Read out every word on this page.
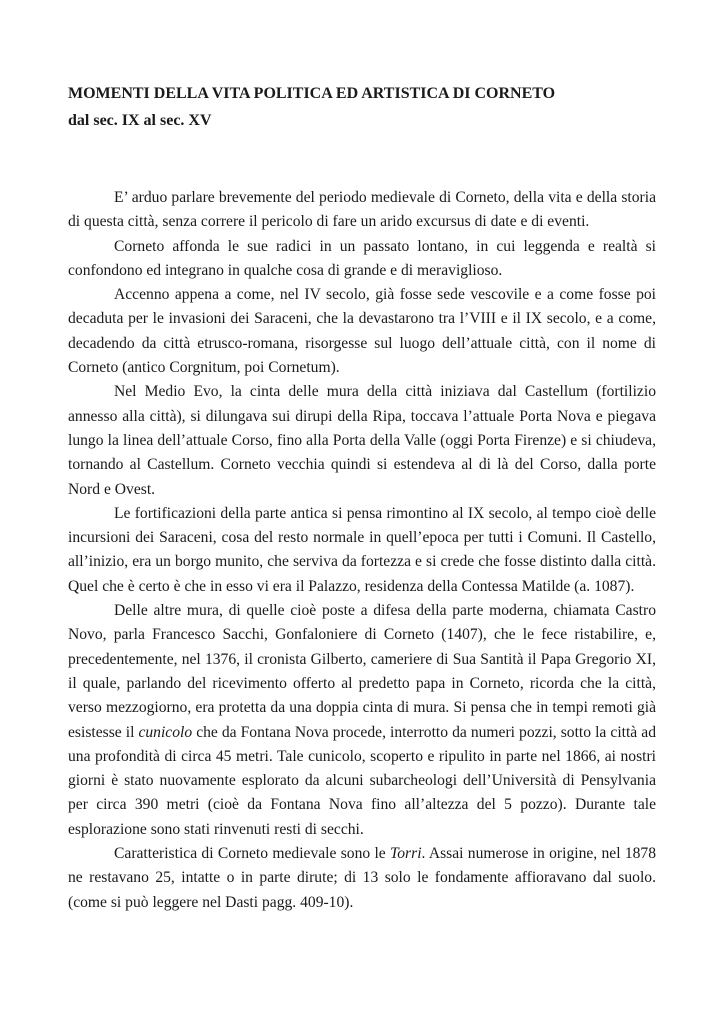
MOMENTI DELLA VITA POLITICA ED ARTISTICA DI CORNETO
dal sec. IX al sec. XV

E’ arduo parlare brevemente del periodo medievale di Corneto, della vita e della storia di questa città, senza correre il pericolo di fare un arido excursus di date e di eventi.

Corneto affonda le sue radici in un passato lontano, in cui leggenda e realtà si confondono ed integrano in qualche cosa di grande e di meraviglioso.

Accenno appena a come, nel IV secolo, già fosse sede vescovile e a come fosse poi decaduta per le invasioni dei Saraceni, che la devastarono tra l’VIII e il IX secolo, e a come, decadendo da città etrusco-romana, risorgesse sul luogo dell’attuale città, con il nome di Corneto (antico Corgnitum, poi Cornetum).

Nel Medio Evo, la cinta delle mura della città iniziava dal Castellum (fortilizio annesso alla città), si dilungava sui dirupi della Ripa, toccava l’attuale Porta Nova e piegava lungo la linea dell’attuale Corso, fino alla Porta della Valle (oggi Porta Firenze) e si chiudeva, tornando al Castellum. Corneto vecchia quindi si estendeva al di là del Corso, dalla porte Nord e Ovest.

Le fortificazioni della parte antica si pensa rimontino al IX secolo, al tempo cioè delle incursioni dei Saraceni, cosa del resto normale in quell’epoca per tutti i Comuni. Il Castello, all’inizio, era un borgo munito, che serviva da fortezza e si crede che fosse distinto dalla città. Quel che è certo è che in esso vi era il Palazzo, residenza della Contessa Matilde (a. 1087).

Delle altre mura, di quelle cioè poste a difesa della parte moderna, chiamata Castro Novo, parla Francesco Sacchi, Gonfaloniere di Corneto (1407), che le fece ristabilire, e, precedentemente, nel 1376, il cronista Gilberto, cameriere di Sua Santità il Papa Gregorio XI, il quale, parlando del ricevimento offerto al predetto papa in Corneto, ricorda che la città, verso mezzogiorno, era protetta da una doppia cinta di mura. Si pensa che in tempi remoti già esistesse il cunicolo che da Fontana Nova procede, interrotto da numeri pozzi, sotto la città ad una profondità di circa 45 metri. Tale cunicolo, scoperto e ripulito in parte nel 1866, ai nostri giorni è stato nuovamente esplorato da alcuni subarcheologi dell’Università di Pensylvania per circa 390 metri (cioè da Fontana Nova fino all’altezza del 5 pozzo). Durante tale esplorazione sono stati rinvenuti resti di secchi.

Caratteristica di Corneto medievale sono le Torri. Assai numerose in origine, nel 1878 ne restavano 25, intatte o in parte dirute; di 13 solo le fondamente affioravano dal suolo. (come si può leggere nel Dasti pagg. 409-10).
